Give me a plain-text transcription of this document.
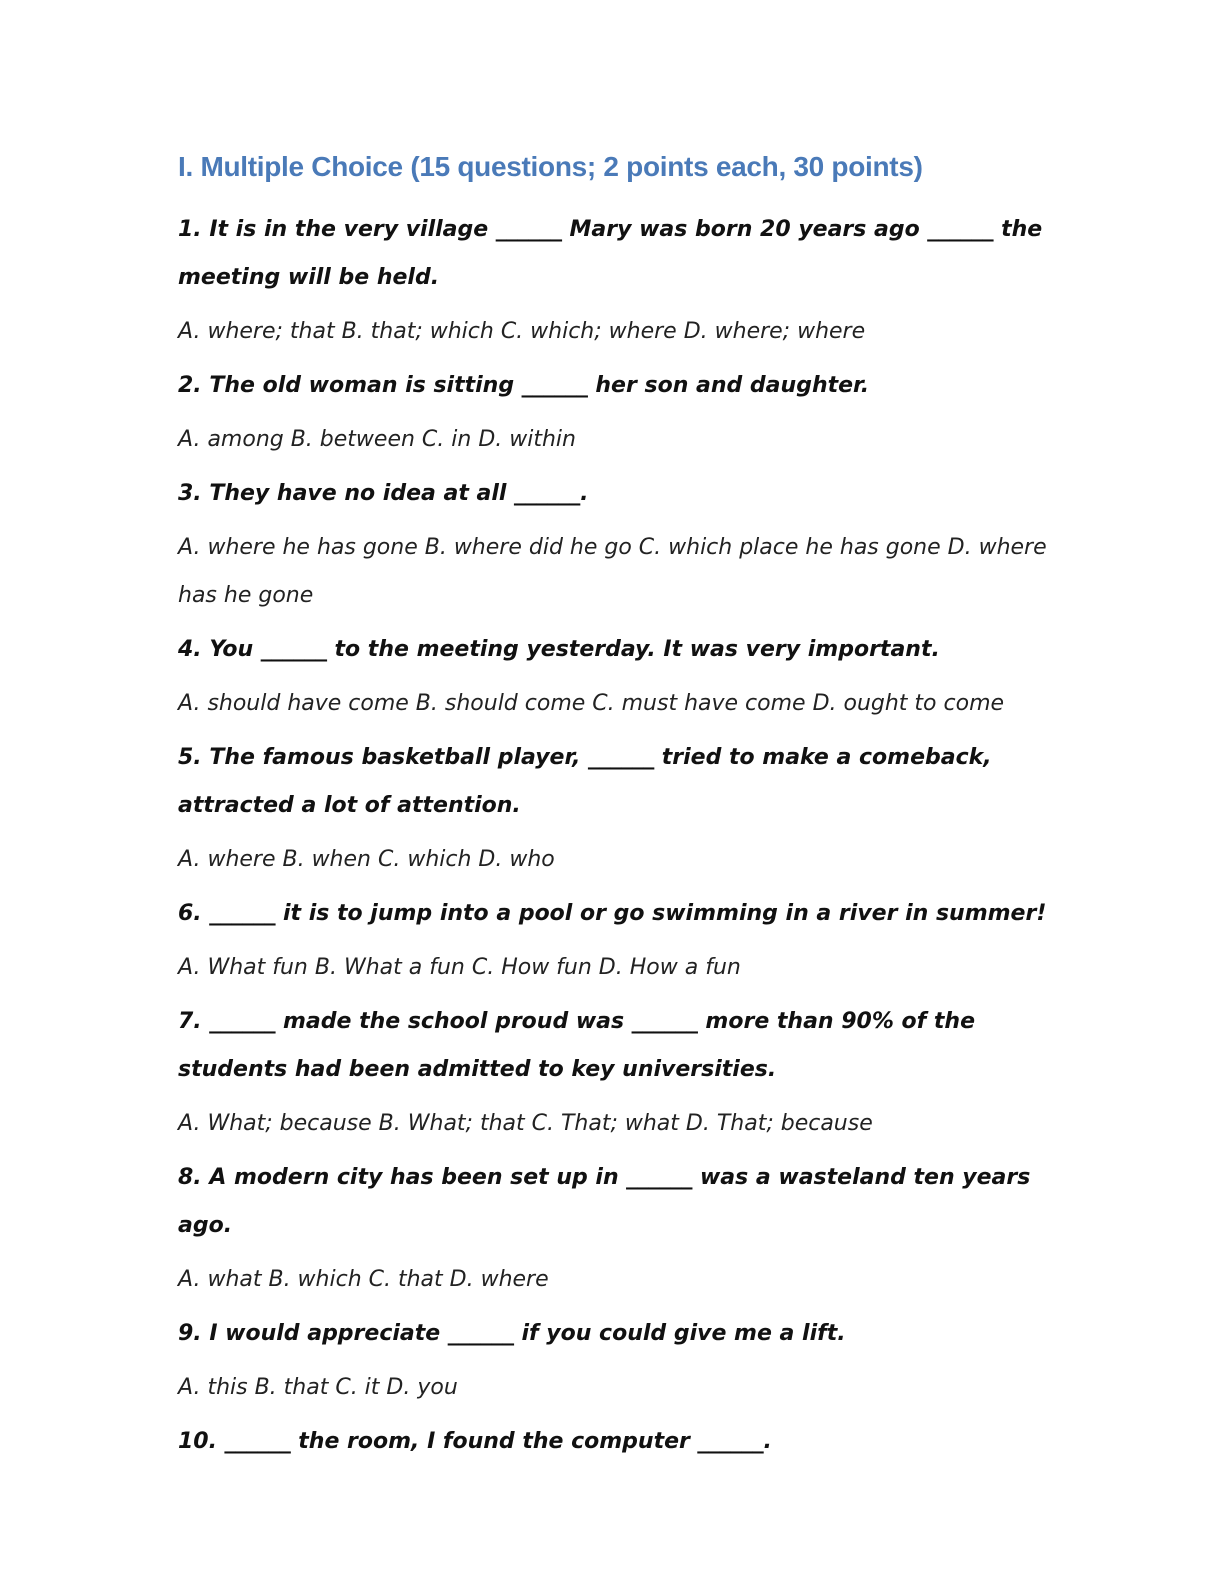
I. Multiple Choice (15 questions; 2 points each, 30 points)

1. It is in the very village ______ Mary was born 20 years ago ______ the meeting will be held.

A. where; that B. that; which C. which; where D. where; where

2. The old woman is sitting ______ her son and daughter.

A. among B. between C. in D. within

3. They have no idea at all ______.

A. where he has gone B. where did he go C. which place he has gone D. where has he gone

4. You ______ to the meeting yesterday. It was very important.

A. should have come B. should come C. must have come D. ought to come

5. The famous basketball player, ______ tried to make a comeback, attracted a lot of attention.

A. where B. when C. which D. who

6. ______ it is to jump into a pool or go swimming in a river in summer!

A. What fun B. What a fun C. How fun D. How a fun

7. ______ made the school proud was ______ more than 90% of the students had been admitted to key universities.

A. What; because B. What; that C. That; what D. That; because

8. A modern city has been set up in ______ was a wasteland ten years ago.

A. what B. which C. that D. where

9. I would appreciate ______ if you could give me a lift.

A. this B. that C. it D. you

10. ______ the room, I found the computer ______.
